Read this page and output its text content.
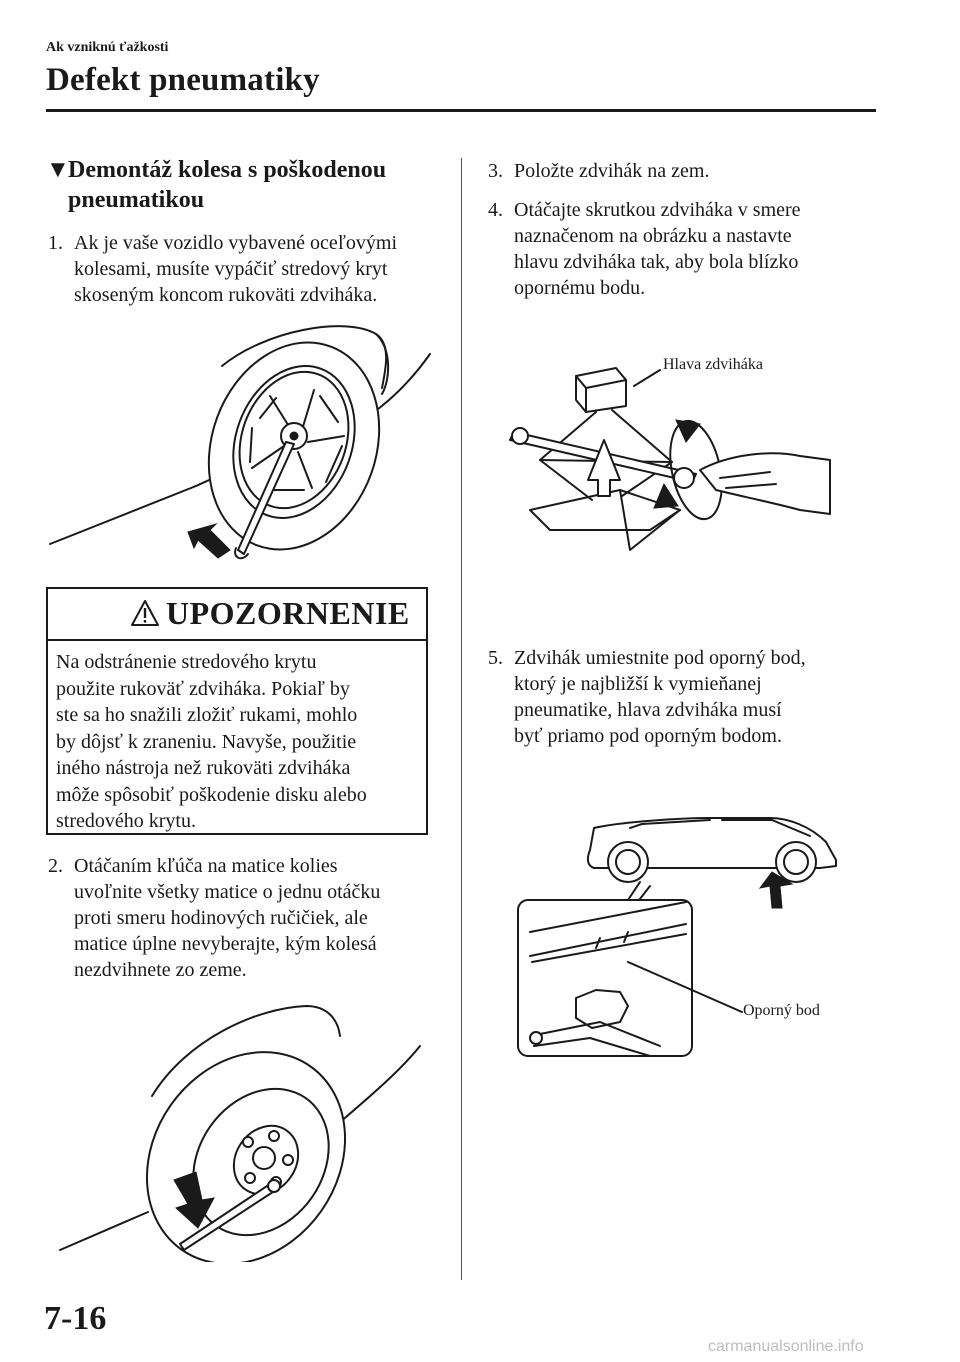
Ak vzniknú ťažkosti
Defekt pneumatiky
▼Demontáž kolesa s poškodenou
pneumatikou
1. Ak je vaše vozidlo vybavené oceľovými
kolesami, musíte vypáčiť stredový kryt
skoseným koncom rukoväti zdviháka.
UPOZORNENIE
Na odstránenie stredového krytu
použite rukoväť zdviháka. Pokiaľ by
ste sa ho snažili zložiť rukami, mohlo
by dôjsť k zraneniu. Navyše, použitie
iného nástroja než rukoväti zdviháka
môže spôsobiť poškodenie disku alebo
stredového krytu.
2. Otáčaním kľúča na matice kolies
uvoľnite všetky matice o jednu otáčku
proti smeru hodinových ručičiek, ale
matice úplne nevyberajte, kým kolesá
nezdvihnete zo zeme.
3. Položte zdvihák na zem.
4. Otáčajte skrutkou zdviháka v smere
naznačenom na obrázku a nastavte
hlavu zdviháka tak, aby bola blízko
opornému bodu.
Hlava zdviháka
5. Zdvihák umiestnite pod oporný bod,
ktorý je najbližší k vymieňanej
pneumatike, hlava zdviháka musí
byť priamo pod oporným bodom.
Oporný bod
7-16
carmanualsonline.info
